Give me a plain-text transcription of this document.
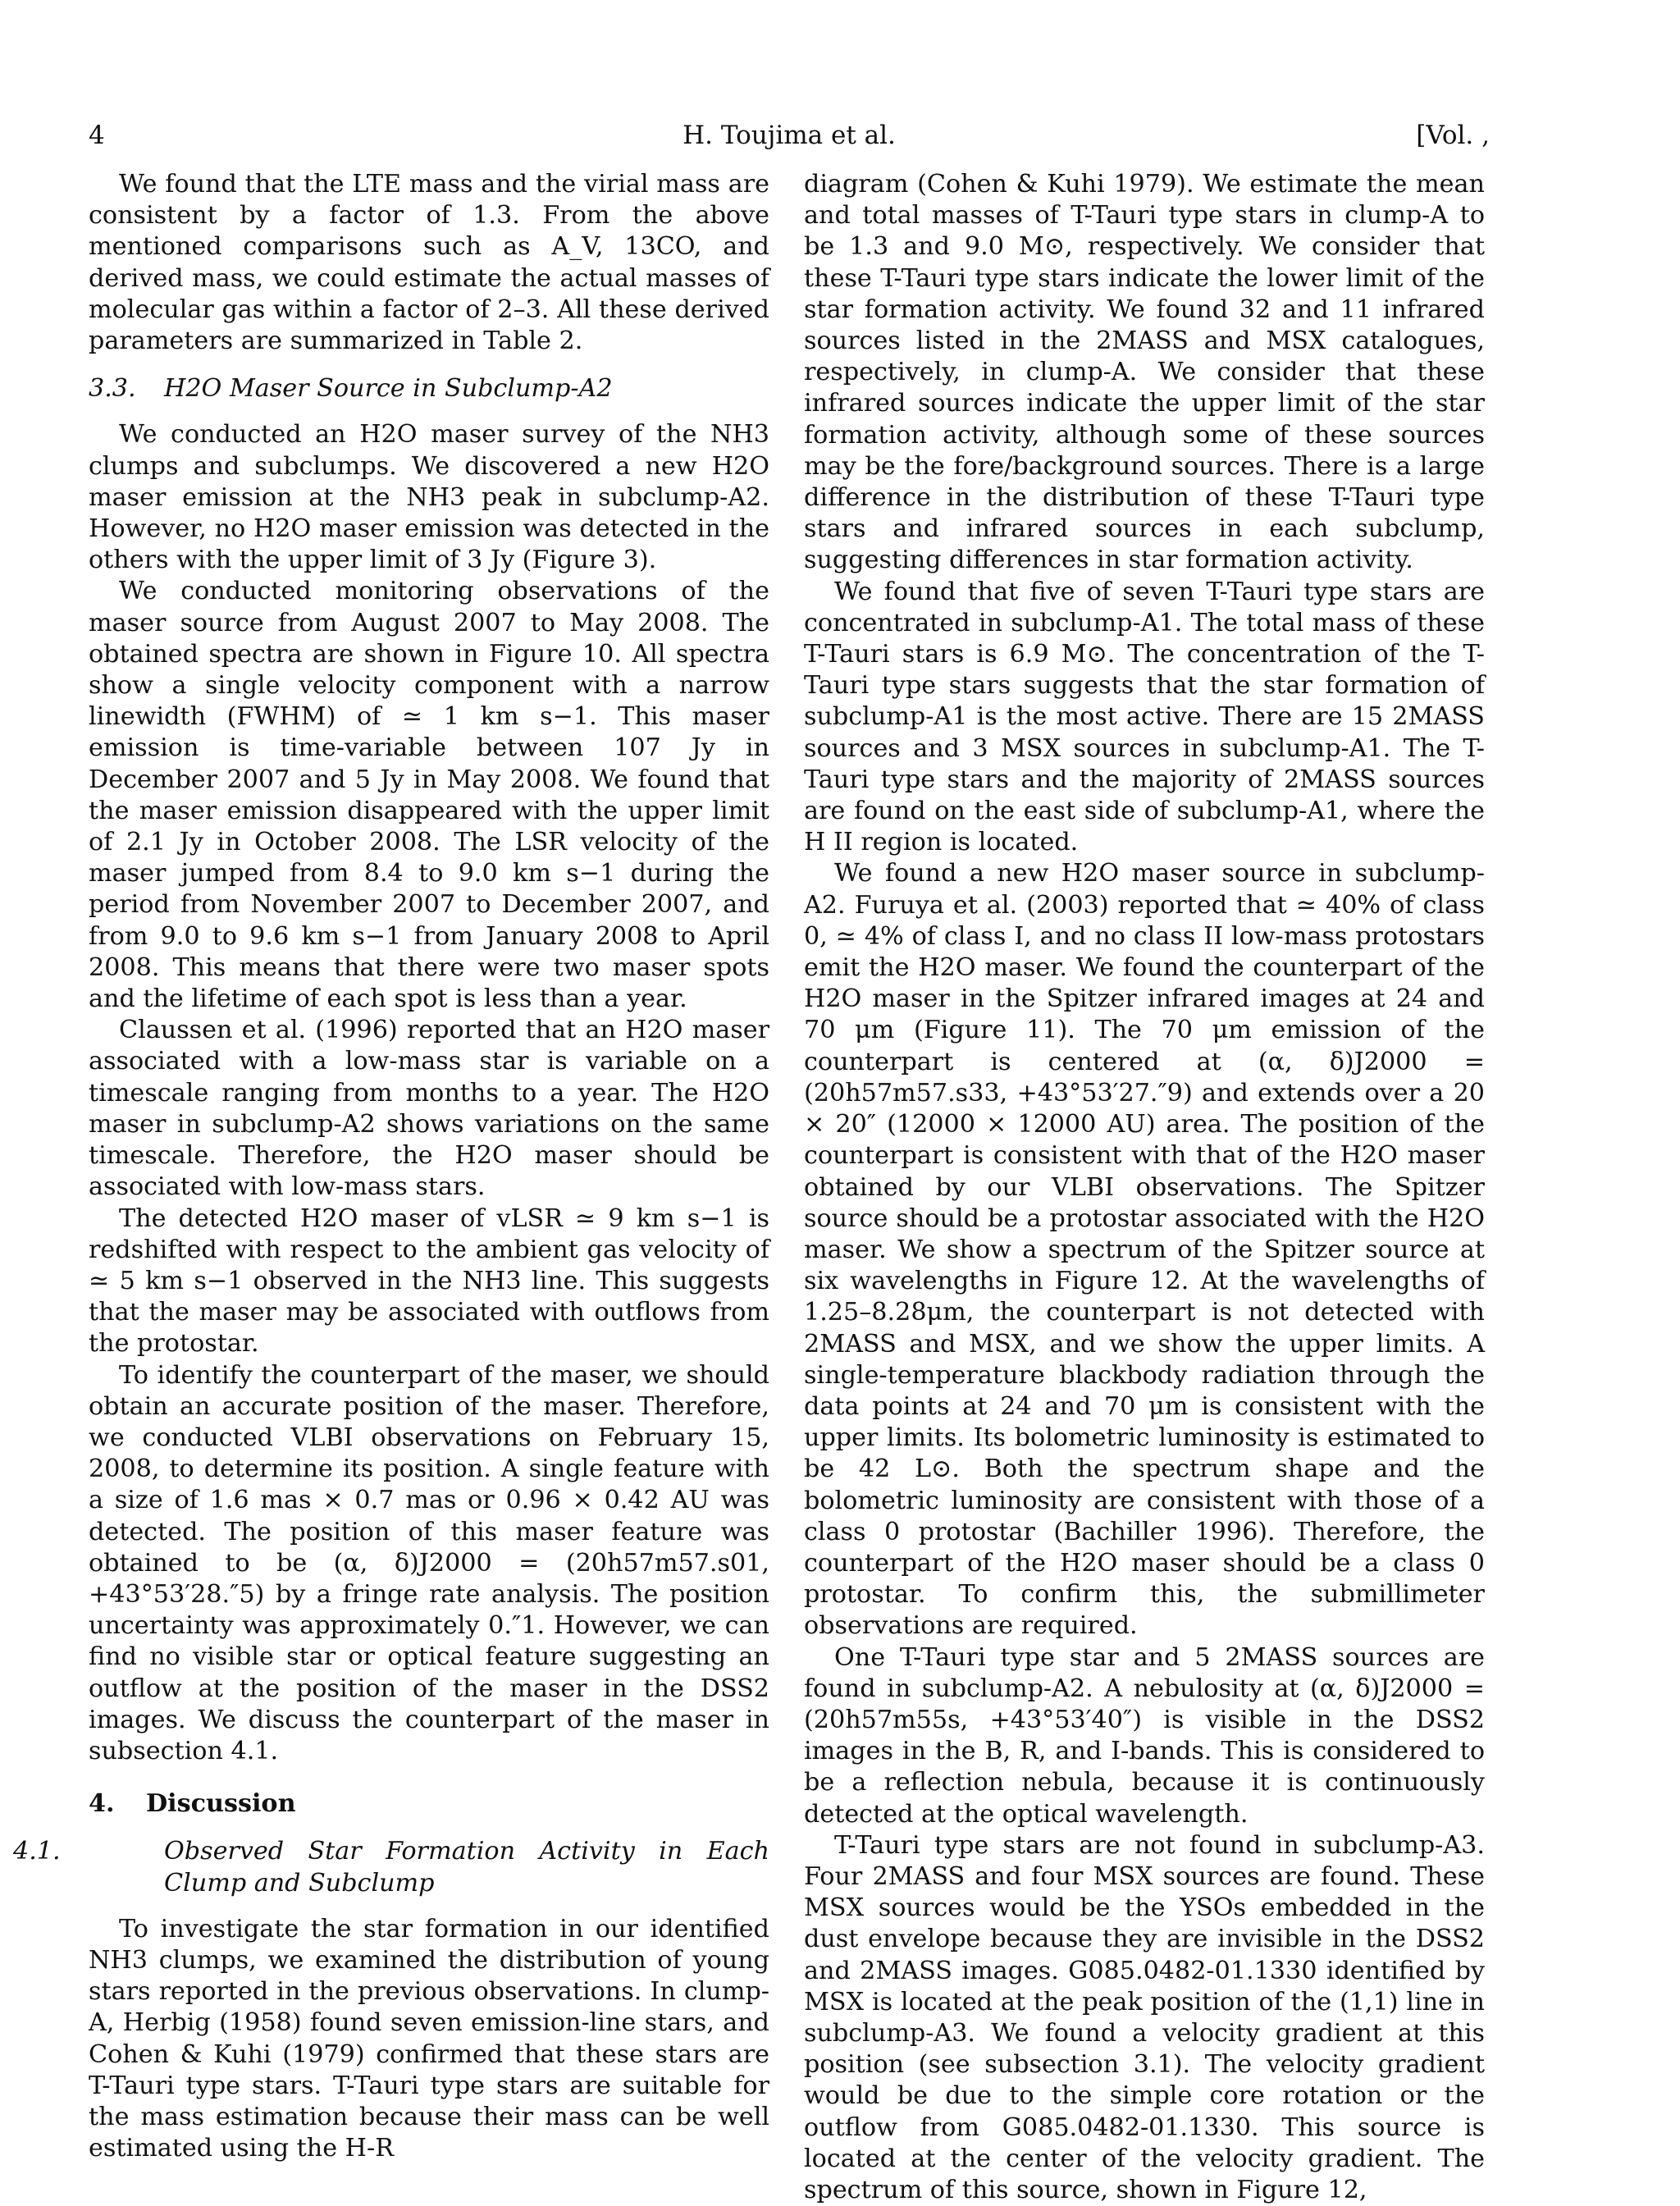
4	H. Toujima et al.	[Vol. ,

We found that the LTE mass and the virial mass are consistent by a factor of 1.3. From the above mentioned comparisons such as A_V, 13CO, and derived mass, we could estimate the actual masses of molecular gas within a factor of 2–3. All these derived parameters are summarized in Table 2.

3.3. H2O Maser Source in Subclump-A2

We conducted an H2O maser survey of the NH3 clumps and subclumps. We discovered a new H2O maser emission at the NH3 peak in subclump-A2. However, no H2O maser emission was detected in the others with the upper limit of 3 Jy (Figure 3).

We conducted monitoring observations of the maser source from August 2007 to May 2008. The obtained spectra are shown in Figure 10. All spectra show a single velocity component with a narrow linewidth (FWHM) of ≃ 1 km s−1. This maser emission is time-variable between 107 Jy in December 2007 and 5 Jy in May 2008. We found that the maser emission disappeared with the upper limit of 2.1 Jy in October 2008. The LSR velocity of the maser jumped from 8.4 to 9.0 km s−1 during the period from November 2007 to December 2007, and from 9.0 to 9.6 km s−1 from January 2008 to April 2008. This means that there were two maser spots and the lifetime of each spot is less than a year.

Claussen et al. (1996) reported that an H2O maser associated with a low-mass star is variable on a timescale ranging from months to a year. The H2O maser in subclump-A2 shows variations on the same timescale. Therefore, the H2O maser should be associated with low-mass stars.

The detected H2O maser of vLSR ≃ 9 km s−1 is redshifted with respect to the ambient gas velocity of ≃ 5 km s−1 observed in the NH3 line. This suggests that the maser may be associated with outflows from the protostar.

To identify the counterpart of the maser, we should obtain an accurate position of the maser. Therefore, we conducted VLBI observations on February 15, 2008, to determine its position. A single feature with a size of 1.6 mas × 0.7 mas or 0.96 × 0.42 AU was detected. The position of this maser feature was obtained to be (α, δ)J2000 = (20h57m57.s01, +43°53′28.″5) by a fringe rate analysis. The position uncertainty was approximately 0.″1. However, we can find no visible star or optical feature suggesting an outflow at the position of the maser in the DSS2 images. We discuss the counterpart of the maser in subsection 4.1.

4. Discussion
4.1.	Observed Star Formation Activity in Each Clump and Subclump

To investigate the star formation in our identified NH3 clumps, we examined the distribution of young stars reported in the previous observations. In clump-A, Herbig (1958) found seven emission-line stars, and Cohen & Kuhi (1979) confirmed that these stars are T-Tauri type stars. T-Tauri type stars are suitable for the mass estimation because their mass can be well estimated using the H-R

diagram (Cohen & Kuhi 1979). We estimate the mean and total masses of T-Tauri type stars in clump-A to be 1.3 and 9.0 M⊙, respectively. We consider that these T-Tauri type stars indicate the lower limit of the star formation activity. We found 32 and 11 infrared sources listed in the 2MASS and MSX catalogues, respectively, in clump-A. We consider that these infrared sources indicate the upper limit of the star formation activity, although some of these sources may be the fore/background sources. There is a large difference in the distribution of these T-Tauri type stars and infrared sources in each subclump, suggesting differences in star formation activity.

We found that five of seven T-Tauri type stars are concentrated in subclump-A1. The total mass of these T-Tauri stars is 6.9 M⊙. The concentration of the T-Tauri type stars suggests that the star formation of subclump-A1 is the most active. There are 15 2MASS sources and 3 MSX sources in subclump-A1. The T-Tauri type stars and the majority of 2MASS sources are found on the east side of subclump-A1, where the H II region is located.

We found a new H2O maser source in subclump-A2. Furuya et al. (2003) reported that ≃ 40% of class 0, ≃ 4% of class I, and no class II low-mass protostars emit the H2O maser. We found the counterpart of the H2O maser in the Spitzer infrared images at 24 and 70 μm (Figure 11). The 70 μm emission of the counterpart is centered at (α, δ)J2000 = (20h57m57.s33, +43°53′27.″9) and extends over a 20 × 20″ (12000 × 12000 AU) area. The position of the counterpart is consistent with that of the H2O maser obtained by our VLBI observations. The Spitzer source should be a protostar associated with the H2O maser. We show a spectrum of the Spitzer source at six wavelengths in Figure 12. At the wavelengths of 1.25–8.28μm, the counterpart is not detected with 2MASS and MSX, and we show the upper limits. A single-temperature blackbody radiation through the data points at 24 and 70 μm is consistent with the upper limits. Its bolometric luminosity is estimated to be 42 L⊙. Both the spectrum shape and the bolometric luminosity are consistent with those of a class 0 protostar (Bachiller 1996). Therefore, the counterpart of the H2O maser should be a class 0 protostar. To confirm this, the submillimeter observations are required.

One T-Tauri type star and 5 2MASS sources are found in subclump-A2. A nebulosity at (α, δ)J2000 = (20h57m55s, +43°53′40″) is visible in the DSS2 images in the B, R, and I-bands. This is considered to be a reflection nebula, because it is continuously detected at the optical wavelength.

T-Tauri type stars are not found in subclump-A3. Four 2MASS and four MSX sources are found. These MSX sources would be the YSOs embedded in the dust envelope because they are invisible in the DSS2 and 2MASS images. G085.0482-01.1330 identified by MSX is located at the peak position of the (1,1) line in subclump-A3. We found a velocity gradient at this position (see subsection 3.1). The velocity gradient would be due to the simple core rotation or the outflow from G085.0482-01.1330. This source is located at the center of the velocity gradient. The spectrum of this source, shown in Figure 12,
